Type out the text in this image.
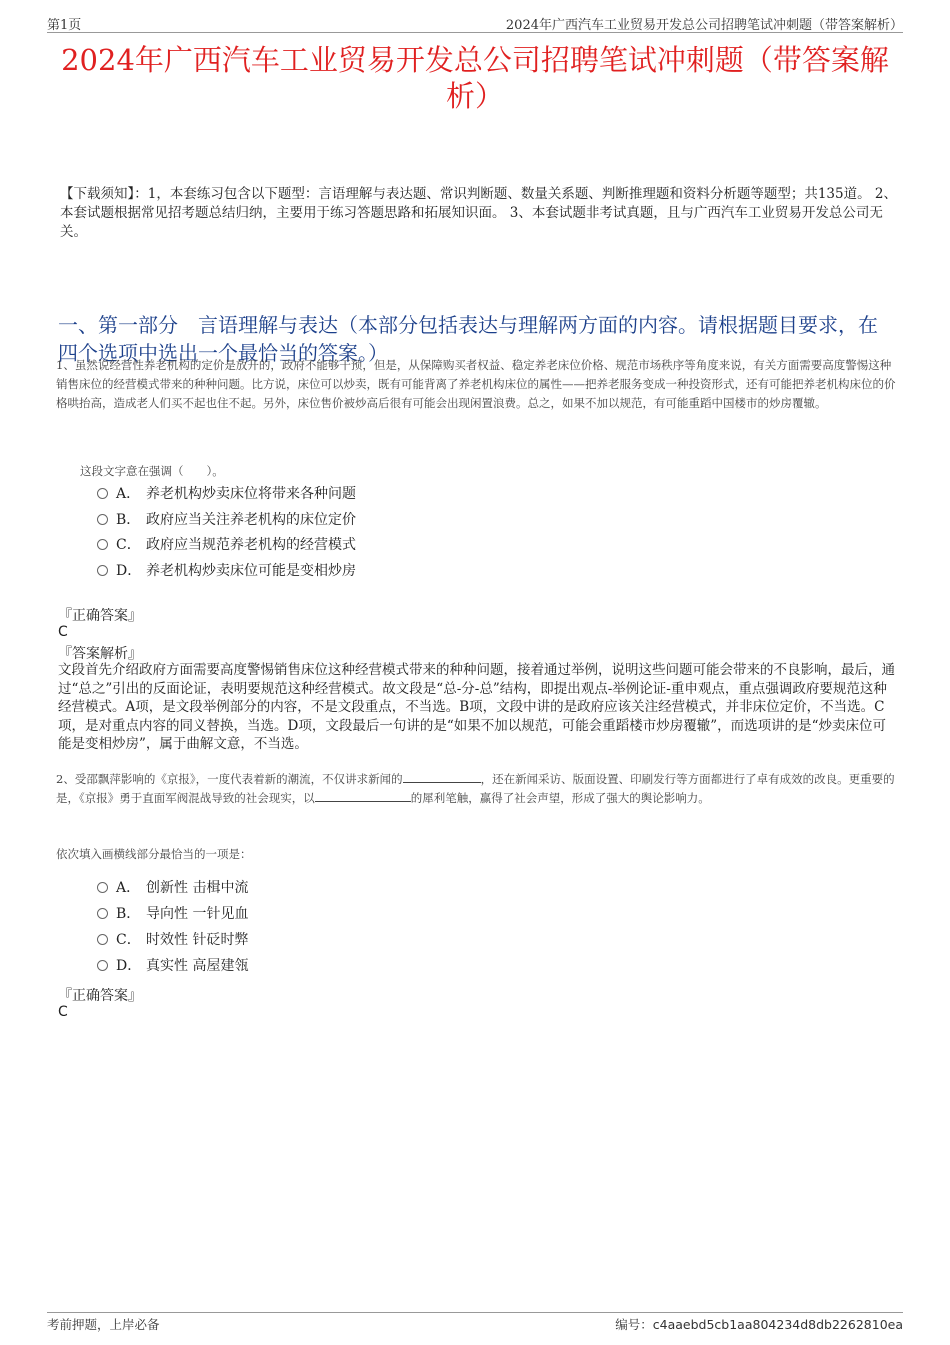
第1页	2024年广西汽车工业贸易开发总公司招聘笔试冲刺题（带答案解析）
2024年广西汽车工业贸易开发总公司招聘笔试冲刺题（带答案解析）
【下载须知】：1，本套练习包含以下题型：言语理解与表达题、常识判断题、数量关系题、判断推理题和资料分析题等题型；共135道。 2、本套试题根据常见招考题总结归纳，主要用于练习答题思路和拓展知识面。 3、本套试题非考试真题，且与广西汽车工业贸易开发总公司无关。
一、第一部分　言语理解与表达（本部分包括表达与理解两方面的内容。请根据题目要求，在四个选项中选出一个最恰当的答案。）
1、虽然说经营性养老机构的定价是放开的，政府不能够干预，但是，从保障购买者权益、稳定养老床位价格、规范市场秩序等角度来说，有关方面需要高度警惕这种销售床位的经营模式带来的种种问题。比方说，床位可以炒卖，既有可能背离了养老机构床位的属性——把养老服务变成一种投资形式，还有可能把养老机构床位的价格哄抬高，造成老人们买不起也住不起。另外，床位售价被炒高后很有可能会出现闲置浪费。总之，如果不加以规范，有可能重蹈中国楼市的炒房覆辙。
这段文字意在强调（　　）。
A． 养老机构炒卖床位将带来各种问题
B． 政府应当关注养老机构的床位定价
C． 政府应当规范养老机构的经营模式
D． 养老机构炒卖床位可能是变相炒房
『正确答案』
C
『答案解析』
文段首先介绍政府方面需要高度警惕销售床位这种经营模式带来的种种问题，接着通过举例，说明这些问题可能会带来的不良影响，最后，通过“总之”引出的反面论证，表明要规范这种经营模式。故文段是“总-分-总”结构，即提出观点-举例论证-重申观点，重点强调政府要规范这种经营模式。A项，是文段举例部分的内容，不是文段重点，不当选。B项，文段中讲的是政府应该关注经营模式，并非床位定价，不当选。C项，是对重点内容的同义替换，当选。D项，文段最后一句讲的是“如果不加以规范，可能会重蹈楼市炒房覆辙”，而选项讲的是“炒卖床位可能是变相炒房”，属于曲解文意，不当选。
2、受邵飘萍影响的《京报》，一度代表着新的潮流，不仅讲求新闻的	，还在新闻采访、版面设置、印刷发行等方面都进行了卓有成效的改良。更重要的是，《京报》勇于直面军阀混战导致的社会现实，以	的犀利笔触，赢得了社会声望，形成了强大的舆论影响力。
依次填入画横线部分最恰当的一项是：
A． 创新性 击楫中流
B． 导向性 一针见血
C． 时效性 针砭时弊
D． 真实性 高屋建瓴
『正确答案』
C
考前押题，上岸必备	编号：c4aaebd5cb1aa804234d8db2262810ea
